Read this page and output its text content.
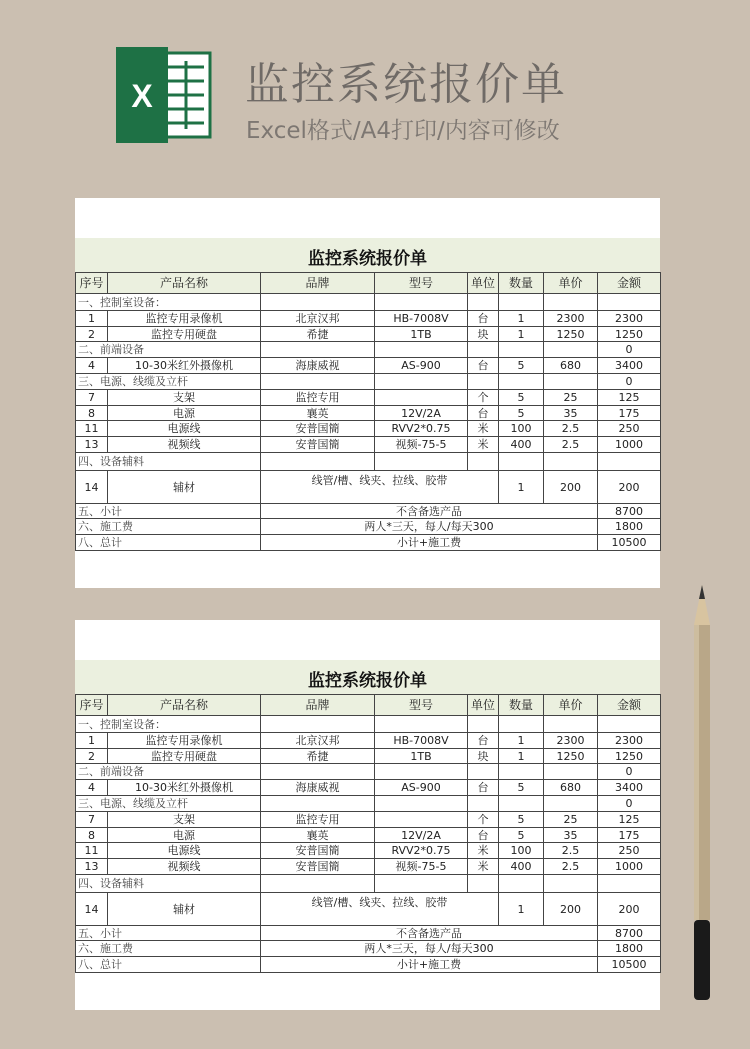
X 监控系统报价单
Excel格式/A4打印/内容可修改
监控系统报价单
序号	产品名称	品牌	型号	单位	数量	单价	金额
一、控制室设备：							
1	监控专用录像机	北京汉邦	HB-7008V	台	1	2300	2300
2	监控专用硬盘	希捷	1TB	块	1	1250	1250
二、前端设备							0
4	10-30米红外摄像机	海康威视	AS-900	台	5	680	3400
三、电源、线缆及立杆							0
7	支架	监控专用		个	5	25	125
8	电源	襄英	12V/2A	台	5	35	175
11	电源线	安普国簡	RVV2*0.75	米	100	2.5	250
13	视频线	安普国簡	视频-75-5	米	400	2.5	1000
四、设备辅料							
14	辅材	线管/槽、线夹、拉线、胶带			1	200	200
五、小计		不含备选产品					8700
六、施工费		两人*三天，每人/每天300					1800
八、总计		小计+施工费					10500
监控系统报价单
序号	产品名称	品牌	型号	单位	数量	单价	金额
一、控制室设备：							
1	监控专用录像机	北京汉邦	HB-7008V	台	1	2300	2300
2	监控专用硬盘	希捷	1TB	块	1	1250	1250
二、前端设备							0
4	10-30米红外摄像机	海康威视	AS-900	台	5	680	3400
三、电源、线缆及立杆							0
7	支架	监控专用		个	5	25	125
8	电源	襄英	12V/2A	台	5	35	175
11	电源线	安普国簡	RVV2*0.75	米	100	2.5	250
13	视频线	安普国簡	视频-75-5	米	400	2.5	1000
四、设备辅料							
14	辅材	线管/槽、线夹、拉线、胶带			1	200	200
五、小计		不含备选产品					8700
六、施工费		两人*三天，每人/每天300					1800
八、总计		小计+施工费					10500
